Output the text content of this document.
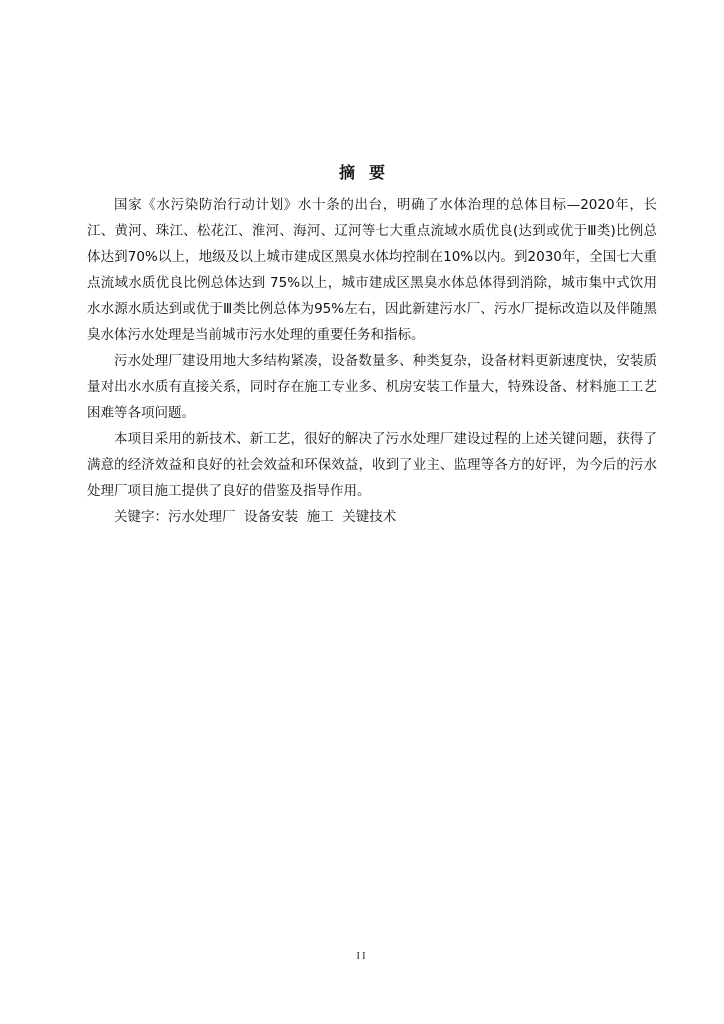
摘要

国家《水污染防治行动计划》水十条的出台，明确了水体治理的总体目标—2020年，长江、黄河、珠江、松花江、淮河、海河、辽河等七大重点流域水质优良(达到或优于Ⅲ类)比例总体达到70%以上，地级及以上城市建成区黑臭水体均控制在10%以内。到2030年，全国七大重点流域水质优良比例总体达到 75%以上，城市建成区黑臭水体总体得到消除，城市集中式饮用水水源水质达到或优于Ⅲ类比例总体为95%左右，因此新建污水厂、污水厂提标改造以及伴随黑臭水体污水处理是当前城市污水处理的重要任务和指标。

污水处理厂建设用地大多结构紧凑，设备数量多、种类复杂，设备材料更新速度快，安装质量对出水水质有直接关系，同时存在施工专业多、机房安装工作量大，特殊设备、材料施工工艺困难等各项问题。

本项目采用的新技术、新工艺，很好的解决了污水处理厂建设过程的上述关键问题，获得了满意的经济效益和良好的社会效益和环保效益，收到了业主、监理等各方的好评，为今后的污水处理厂项目施工提供了良好的借鉴及指导作用。

关键字：污水处理厂  设备安装  施工  关键技术

II
